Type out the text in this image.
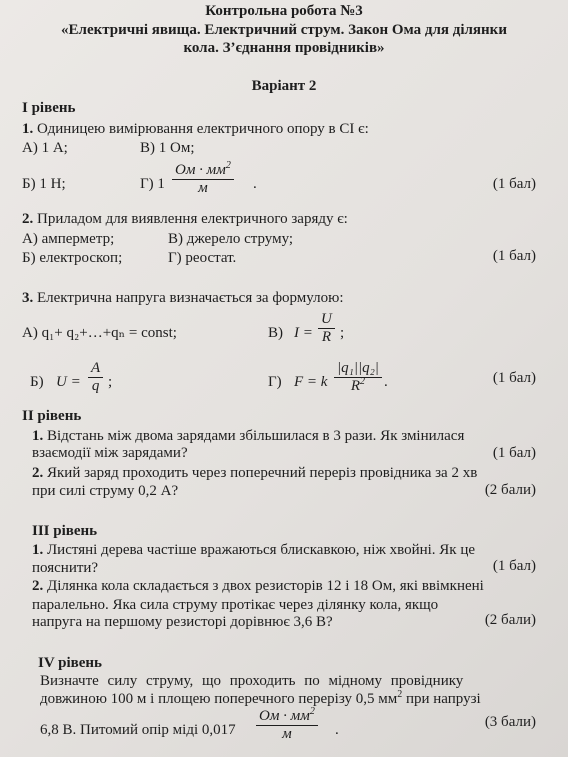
Контрольна робота №3
«Електричні явища. Електричний струм. Закон Ома для ділянки
кола. З’єднання провідників»
Варіант 2
І рівень
1. Одиницею вимірювання електричного опору в СІ є:
А) 1 А;	В) 1 Ом;
Б) 1 Н;	Г) 1
Ом · $мм^2$
м	.	(1 бал)
2. Приладом для виявлення електричного заряду є:
А) амперметр;	В) джерело струму;
Б) електроскоп;	Г) реостат.	(1 бал)
3. Електрична напруга визначається за формулою:
А) q₁+ q₂+…+qₙ = const;	В) $I = \frac{U}{R}$ ;
Б) $U = \frac{A}{q}$ ;	Г) F = k $\frac{\text{|q₁||q₂|}}{R^2}$ .	(1 бал)
ІІ рівень
1. Відстань між двома зарядами збільшилася в 3 рази. Як змінилася
взаємодії між зарядами?	(1 бал)
2. Який заряд проходить через поперечний переріз провідника за 2 хв
при силі струму 0,2 А?	(2 бали)
ІІІ рівень
1. Листяні дерева частіше вражаються блискавкою, ніж хвойні. Як це
пояснити?	(1 бал)
2. Ділянка кола складається з двох резисторів 12 і 18 Ом, які ввімкнені
паралельно. Яка сила струму протікає через ділянку кола, якщо
напруга на першому резисторі дорівнює 3,6 В?	(2 бали)
IV рівень
Визначте силу струму, що проходить по мідному провіднику
довжиною 100 м і площею поперечного перерізу 0,5 $мм^2$ при напрузі
6,8 В. Питомий опір міді 0,017
Ом · $мм^2$
м	.	(3 бали)
